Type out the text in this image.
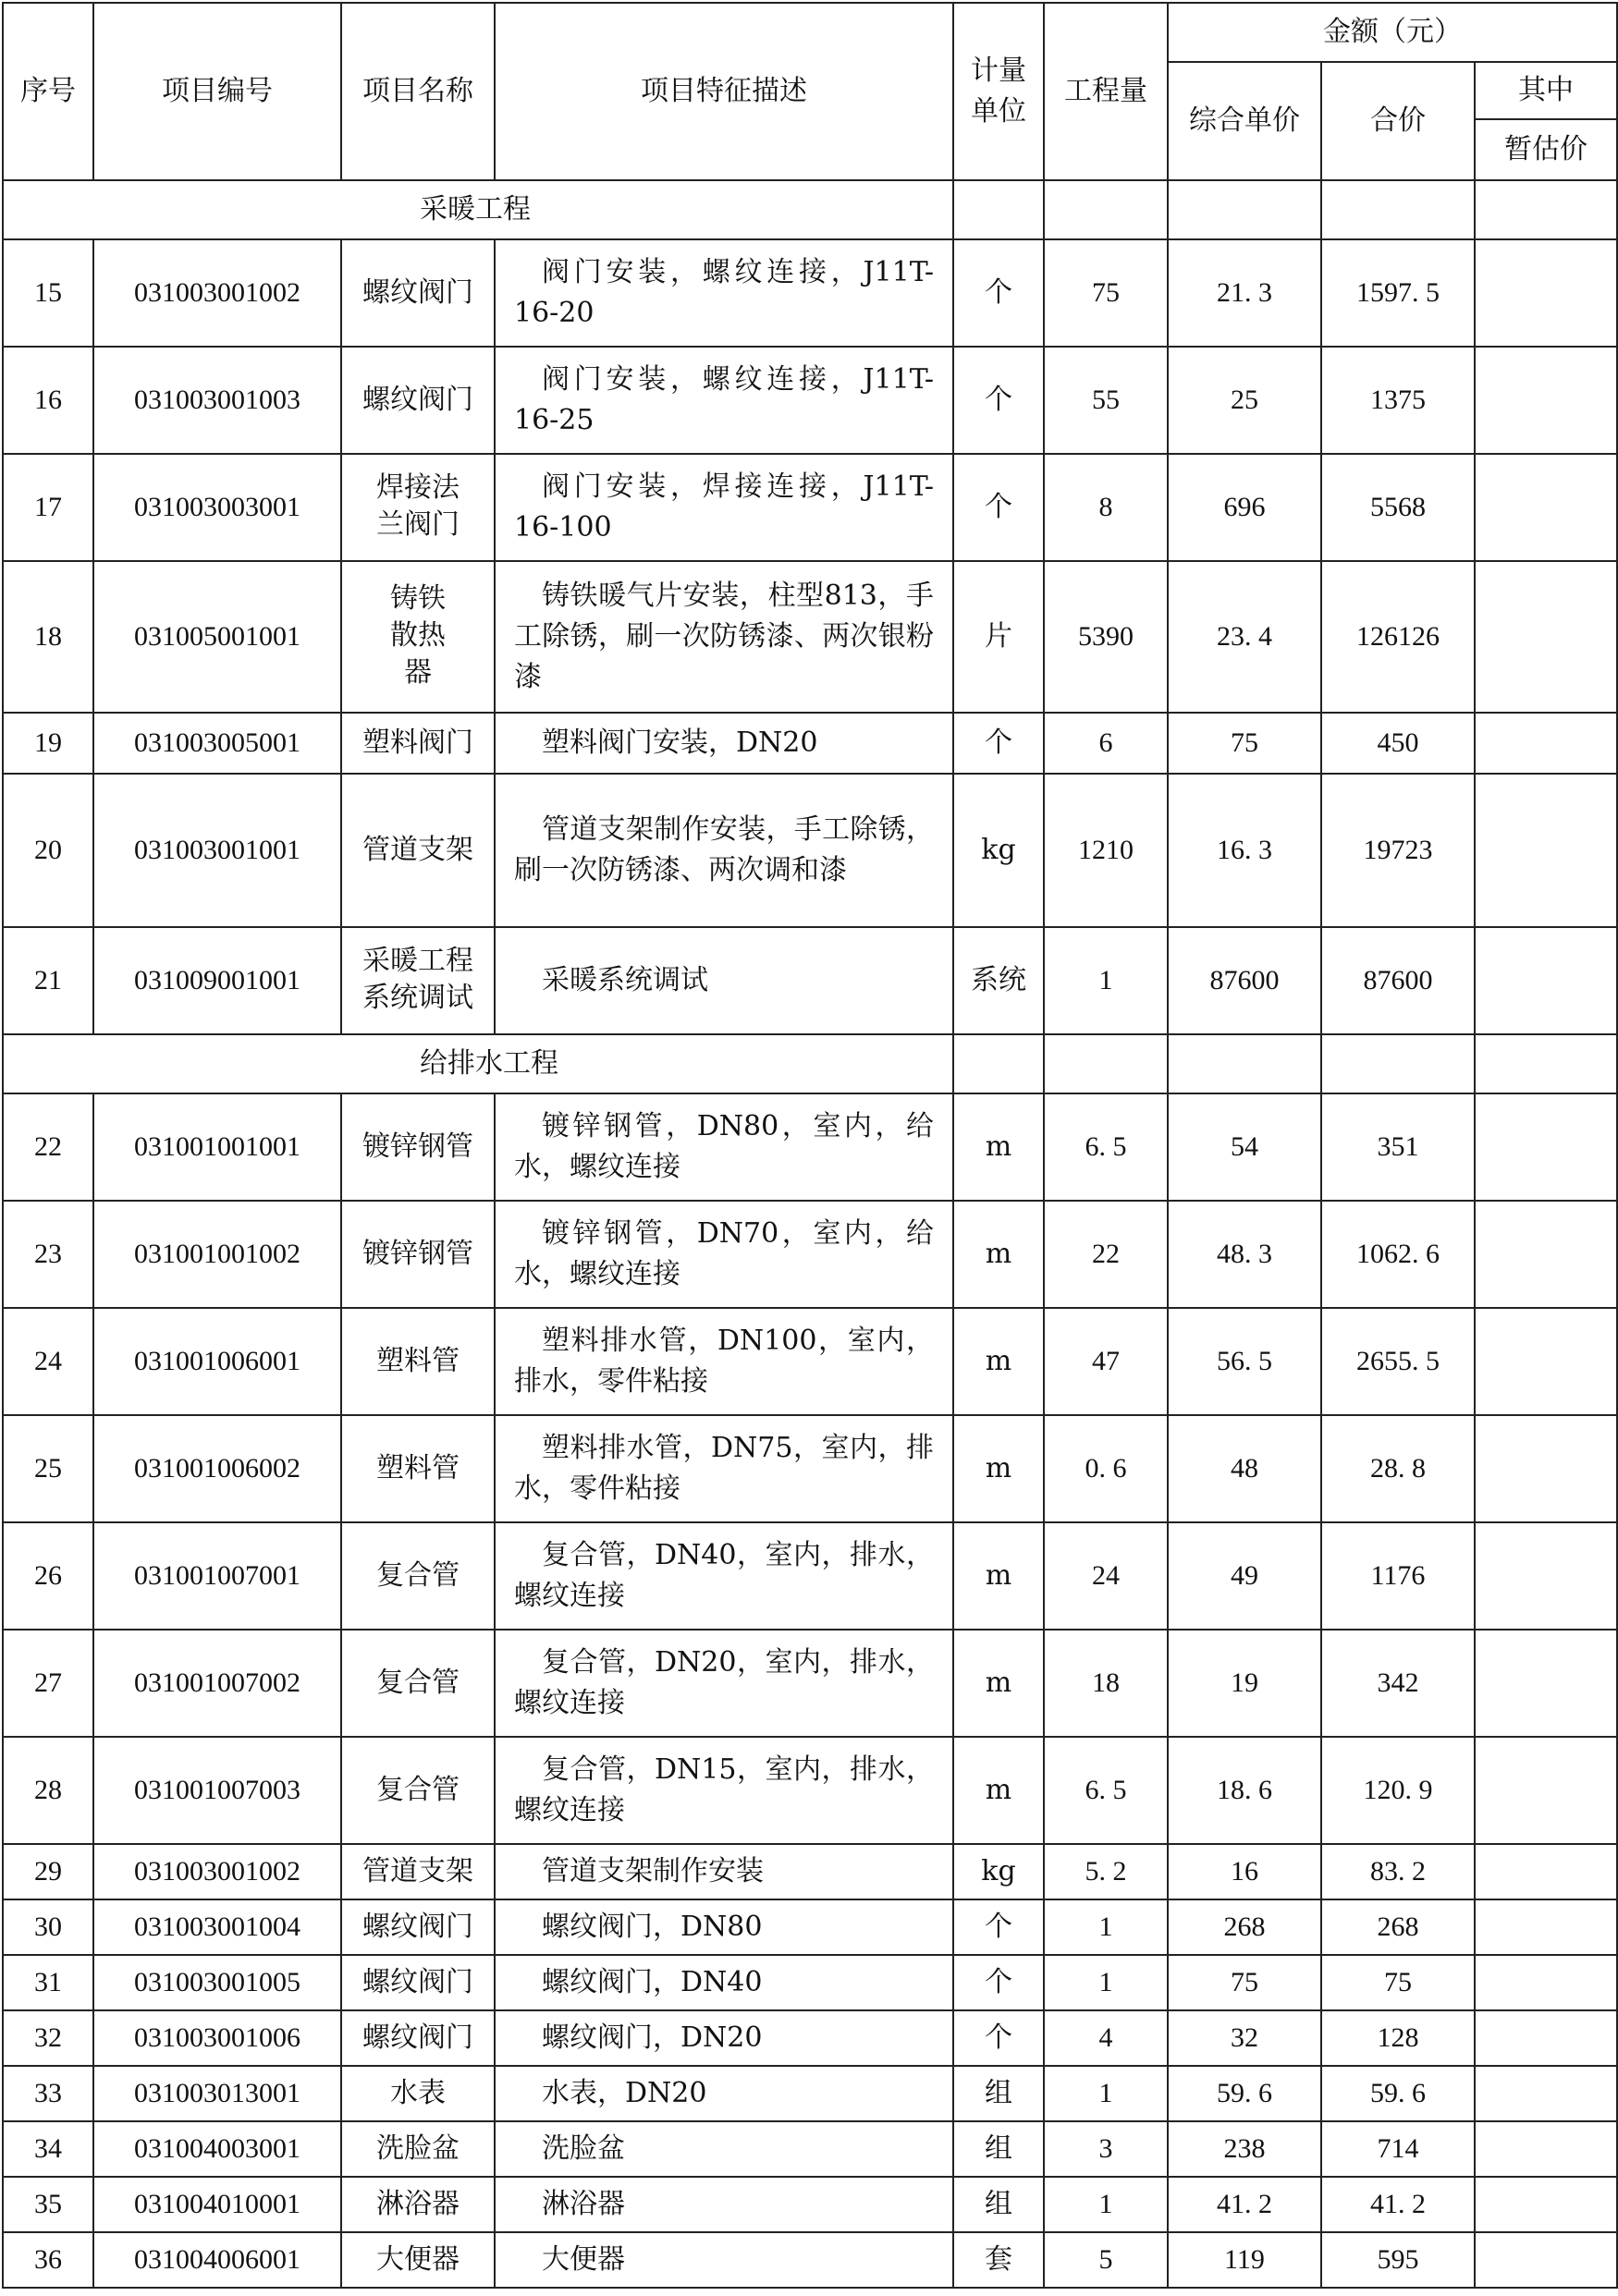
序号	项目编号	项目名称	项目特征描述	计量单位	工程量	金额（元）		
						综合单价	合价	其中
								暂估价
采暖工程								
15	031003001002	螺纹阀门	阀门安装，螺纹连接，J11T-16-20	个	75	21. 3	1597. 5	
16	031003001003	螺纹阀门	阀门安装，螺纹连接，J11T-16-25	个	55	25	1375	
17	031003003001	焊接法兰阀门	阀门安装，焊接连接，J11T-16-100	个	8	696	5568	
18	031005001001	铸铁散热器	铸铁暖气片安装，柱型813，手工除锈，刷一次防锈漆、两次银粉漆	片	5390	23. 4	126126	
19	031003005001	塑料阀门	塑料阀门安装，DN20	个	6	75	450	
20	031003001001	管道支架	管道支架制作安装，手工除锈，刷一次防锈漆、两次调和漆	kg	1210	16. 3	19723	
21	031009001001	采暖工程系统调试	采暖系统调试	系统	1	87600	87600	
给排水工程								
22	031001001001	镀锌钢管	镀锌钢管，DN80，室内，给水，螺纹连接	m	6. 5	54	351	
23	031001001002	镀锌钢管	镀锌钢管，DN70，室内，给水，螺纹连接	m	22	48. 3	1062. 6	
24	031001006001	塑料管	塑料排水管，DN100，室内，排水，零件粘接	m	47	56. 5	2655. 5	
25	031001006002	塑料管	塑料排水管，DN75，室内，排水，零件粘接	m	0. 6	48	28. 8	
26	031001007001	复合管	复合管，DN40，室内，排水，螺纹连接	m	24	49	1176	
27	031001007002	复合管	复合管，DN20，室内，排水，螺纹连接	m	18	19	342	
28	031001007003	复合管	复合管，DN15，室内，排水，螺纹连接	m	6. 5	18. 6	120. 9	
29	031003001002	管道支架	管道支架制作安装	kg	5. 2	16	83. 2	
30	031003001004	螺纹阀门	螺纹阀门，DN80	个	1	268	268	
31	031003001005	螺纹阀门	螺纹阀门，DN40	个	1	75	75	
32	031003001006	螺纹阀门	螺纹阀门，DN20	个	4	32	128	
33	031003013001	水表	水表，DN20	组	1	59. 6	59. 6	
34	031004003001	洗脸盆	洗脸盆	组	3	238	714	
35	031004010001	淋浴器	淋浴器	组	1	41. 2	41. 2	
36	031004006001	大便器	大便器	套	5	119	595	
